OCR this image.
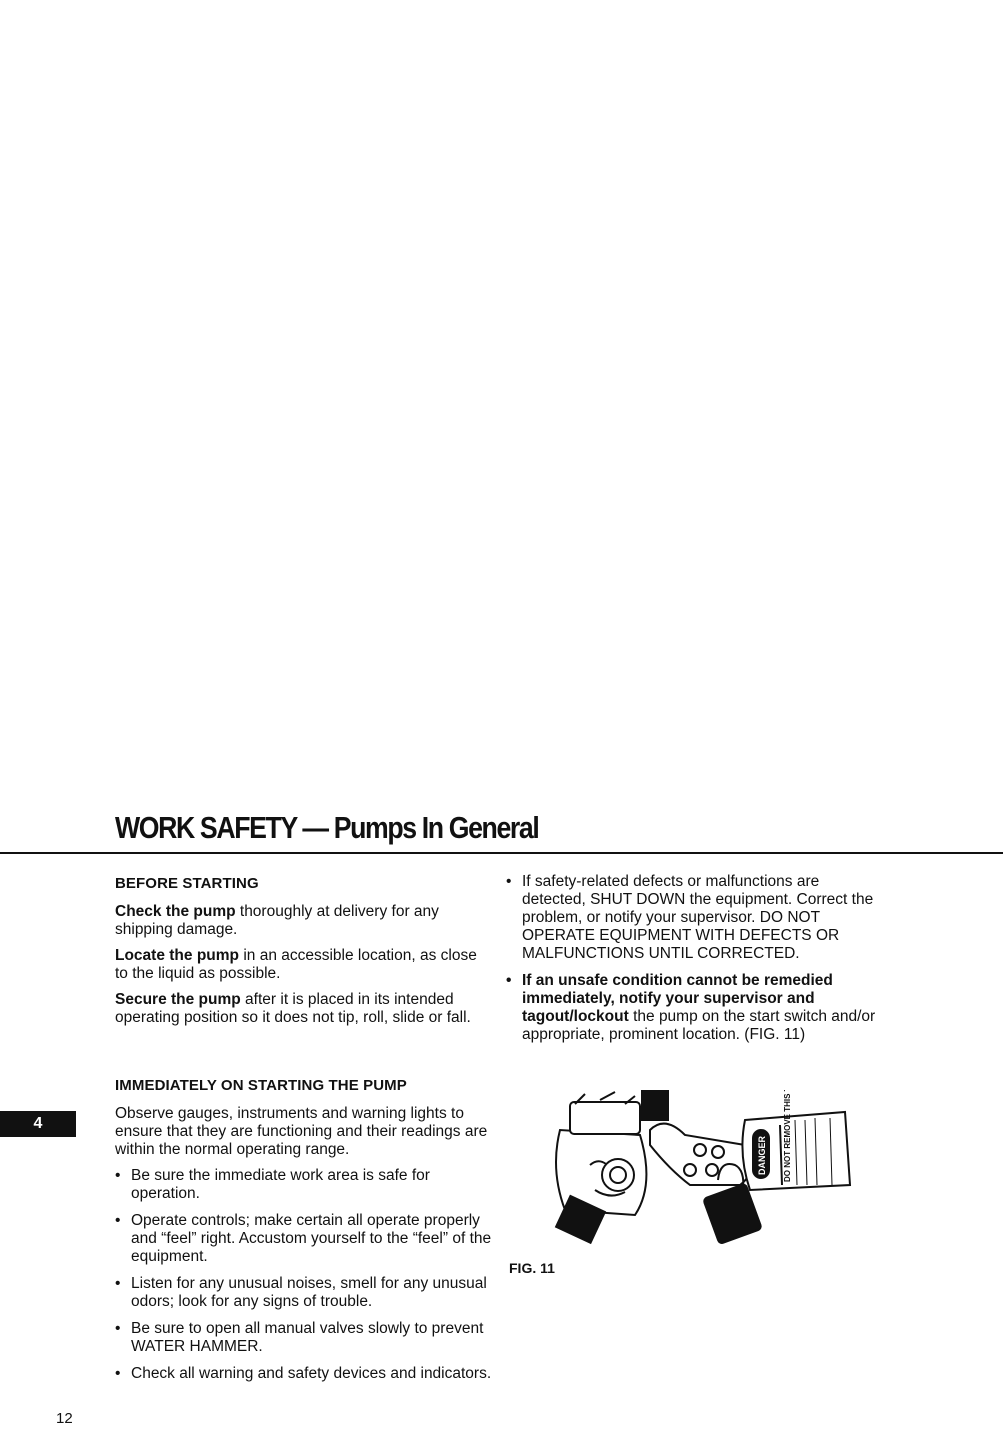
WORK SAFETY — Pumps In General
BEFORE STARTING

Check the pump thoroughly at delivery for any shipping damage.

Locate the pump in an accessible location, as close to the liquid as possible.

Secure the pump after it is placed in its intended operating position so it does not tip, roll, slide or fall.

IMMEDIATELY ON STARTING THE PUMP

Observe gauges, instruments and warning lights to ensure that they are functioning and their readings are within the normal operating range.

• Be sure the immediate work area is safe for operation.
• Operate controls; make certain all operate properly and “feel” right. Accustom yourself to the “feel” of the equipment.
• Listen for any unusual noises, smell for any unusual odors; look for any signs of trouble.
• Be sure to open all manual valves slowly to prevent WATER HAMMER.
• Check all warning and safety devices and indicators.
• If safety-related defects or malfunctions are detected, SHUT DOWN the equipment. Correct the problem, or notify your supervisor. DO NOT OPERATE EQUIPMENT WITH DEFECTS OR MALFUNCTIONS UNTIL CORRECTED.
• If an unsafe condition cannot be remedied immediately, notify your supervisor and tagout/lockout the pump on the start switch and/or appropriate, prominent location. (FIG. 11)
DANGER DO NOT REMOVE THIS TAG
FIG. 11
4
12
